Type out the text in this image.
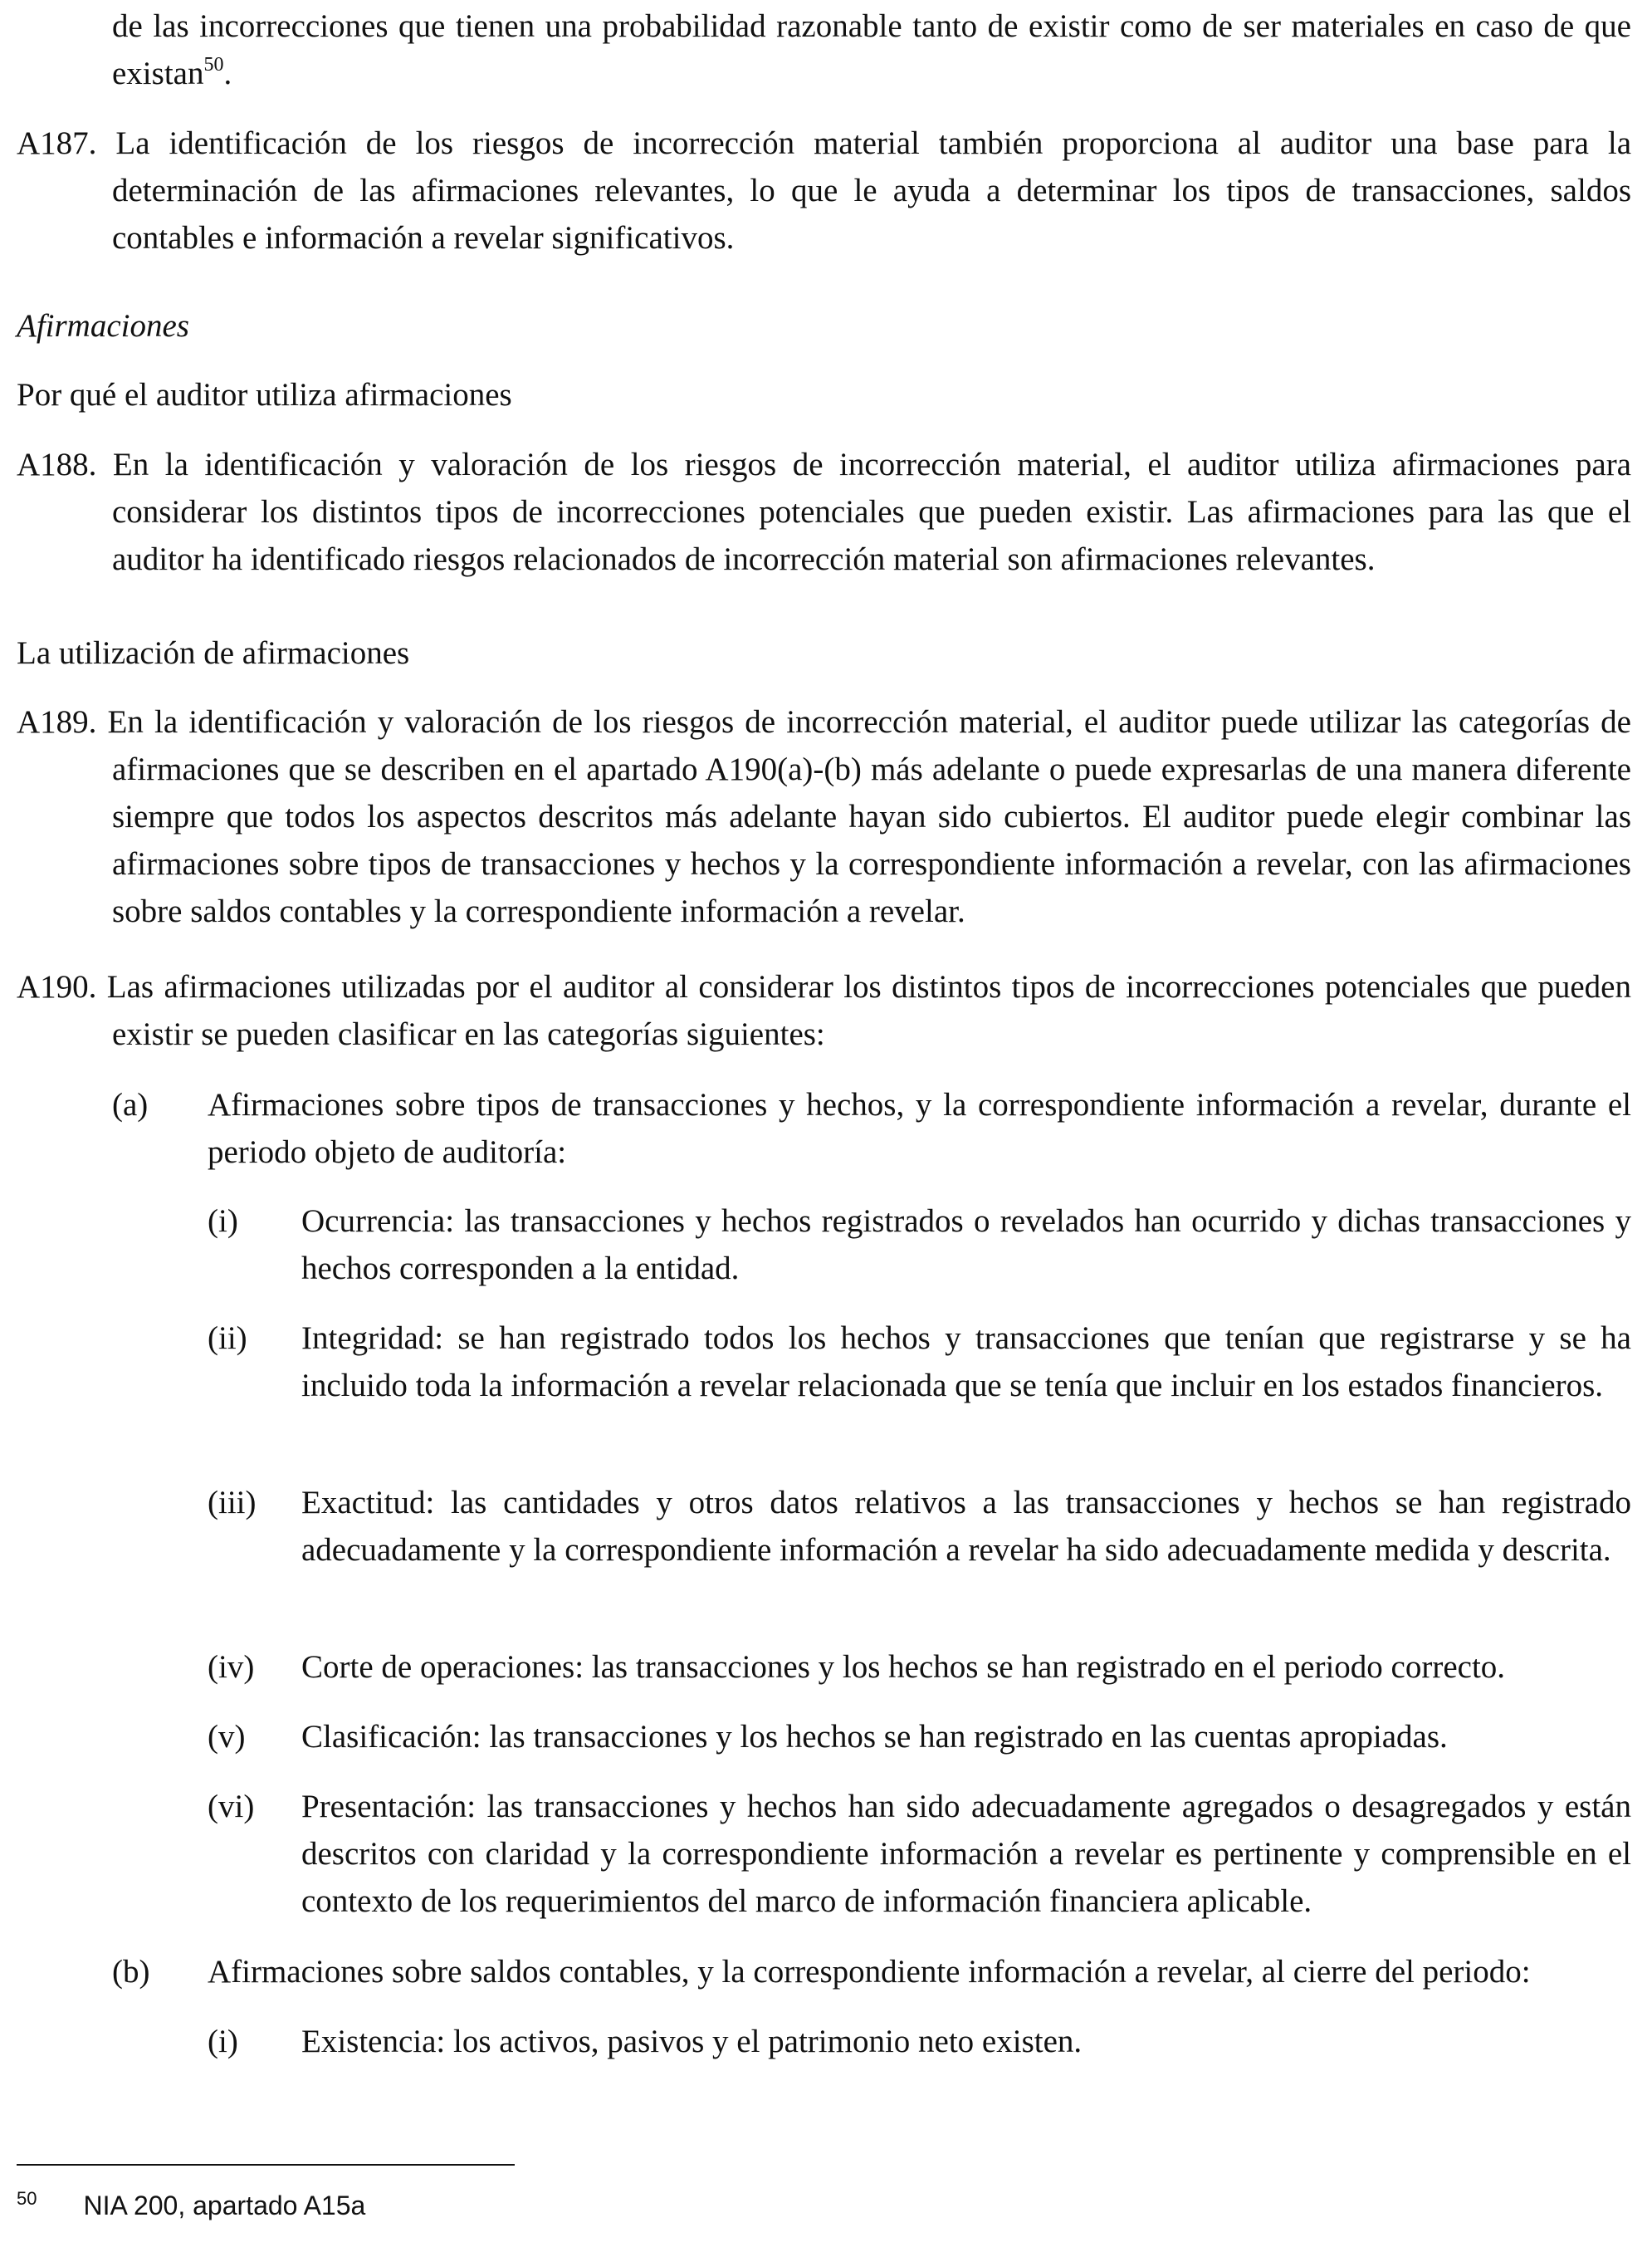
de las incorrecciones que tienen una probabilidad razonable tanto de existir como de ser materiales en caso de que existan$^{50}$.

A187. La identificación de los riesgos de incorrección material también proporciona al auditor una base para la determinación de las afirmaciones relevantes, lo que le ayuda a determinar los tipos de transacciones, saldos contables e información a revelar significativos.

Afirmaciones

Por qué el auditor utiliza afirmaciones

A188. En la identificación y valoración de los riesgos de incorrección material, el auditor utiliza afirmaciones para considerar los distintos tipos de incorrecciones potenciales que pueden existir. Las afirmaciones para las que el auditor ha identificado riesgos relacionados de incorrección material son afirmaciones relevantes.

La utilización de afirmaciones

A189. En la identificación y valoración de los riesgos de incorrección material, el auditor puede utilizar las categorías de afirmaciones que se describen en el apartado A190(a)-(b) más adelante o puede expresarlas de una manera diferente siempre que todos los aspectos descritos más adelante hayan sido cubiertos. El auditor puede elegir combinar las afirmaciones sobre tipos de transacciones y hechos y la correspondiente información a revelar, con las afirmaciones sobre saldos contables y la correspondiente información a revelar.

A190. Las afirmaciones utilizadas por el auditor al considerar los distintos tipos de incorrecciones potenciales que pueden existir se pueden clasificar en las categorías siguientes:

(a) Afirmaciones sobre tipos de transacciones y hechos, y la correspondiente información a revelar, durante el periodo objeto de auditoría:
(i) Ocurrencia: las transacciones y hechos registrados o revelados han ocurrido y dichas transacciones y hechos corresponden a la entidad.
(ii) Integridad: se han registrado todos los hechos y transacciones que tenían que registrarse y se ha incluido toda la información a revelar relacionada que se tenía que incluir en los estados financieros.
(iii) Exactitud: las cantidades y otros datos relativos a las transacciones y hechos se han registrado adecuadamente y la correspondiente información a revelar ha sido adecuadamente medida y descrita.
(iv) Corte de operaciones: las transacciones y los hechos se han registrado en el periodo correcto.
(v) Clasificación: las transacciones y los hechos se han registrado en las cuentas apropiadas.
(vi) Presentación: las transacciones y hechos han sido adecuadamente agregados o desagregados y están descritos con claridad y la correspondiente información a revelar es pertinente y comprensible en el contexto de los requerimientos del marco de información financiera aplicable.
(b) Afirmaciones sobre saldos contables, y la correspondiente información a revelar, al cierre del periodo:
(i) Existencia: los activos, pasivos y el patrimonio neto existen.
$^{50}$ NIA 200, apartado A15a
